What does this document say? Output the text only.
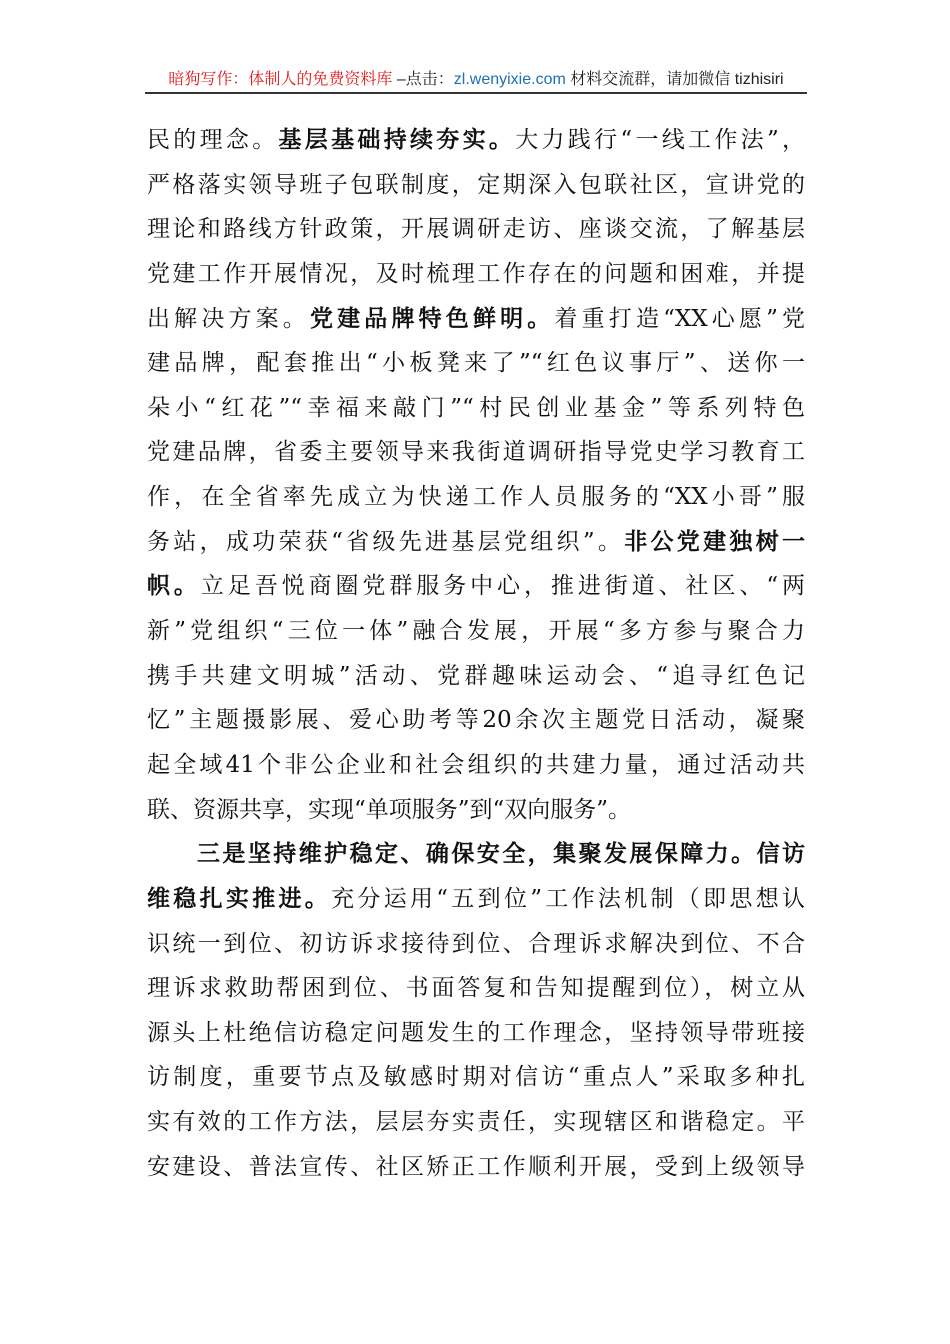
暗狗写作：体制人的免费资料库 –点击：zl.wenyixie.com 材料交流群，请加微信 tizhisiri
民的理念。基层基础持续夯实。大力践行“一线工作法”，
严格落实领导班子包联制度，定期深入包联社区，宣讲党的
理论和路线方针政策，开展调研走访、座谈交流，了解基层
党建工作开展情况，及时梳理工作存在的问题和困难，并提
出解决方案。党建品牌特色鲜明。着重打造“XX心愿”党
建品牌，配套推出“小板凳来了”“红色议事厅”、送你一
朵小“红花”“幸福来敲门”“村民创业基金”等系列特色
党建品牌，省委主要领导来我街道调研指导党史学习教育工
作，在全省率先成立为快递工作人员服务的“XX小哥”服
务站，成功荣获“省级先进基层党组织”。非公党建独树一
帜。立足吾悦商圈党群服务中心，推进街道、社区、“两
新”党组织“三位一体”融合发展，开展“多方参与聚合力
携手共建文明城”活动、党群趣味运动会、“追寻红色记
忆”主题摄影展、爱心助考等20余次主题党日活动，凝聚
起全域41个非公企业和社会组织的共建力量，通过活动共
联、资源共享，实现“单项服务”到“双向服务”。
三是坚持维护稳定、确保安全，集聚发展保障力。信访
维稳扎实推进。充分运用“五到位”工作法机制（即思想认
识统一到位、初访诉求接待到位、合理诉求解决到位、不合
理诉求救助帮困到位、书面答复和告知提醒到位），树立从
源头上杜绝信访稳定问题发生的工作理念，坚持领导带班接
访制度，重要节点及敏感时期对信访“重点人”采取多种扎
实有效的工作方法，层层夯实责任，实现辖区和谐稳定。平
安建设、普法宣传、社区矫正工作顺利开展，受到上级领导
